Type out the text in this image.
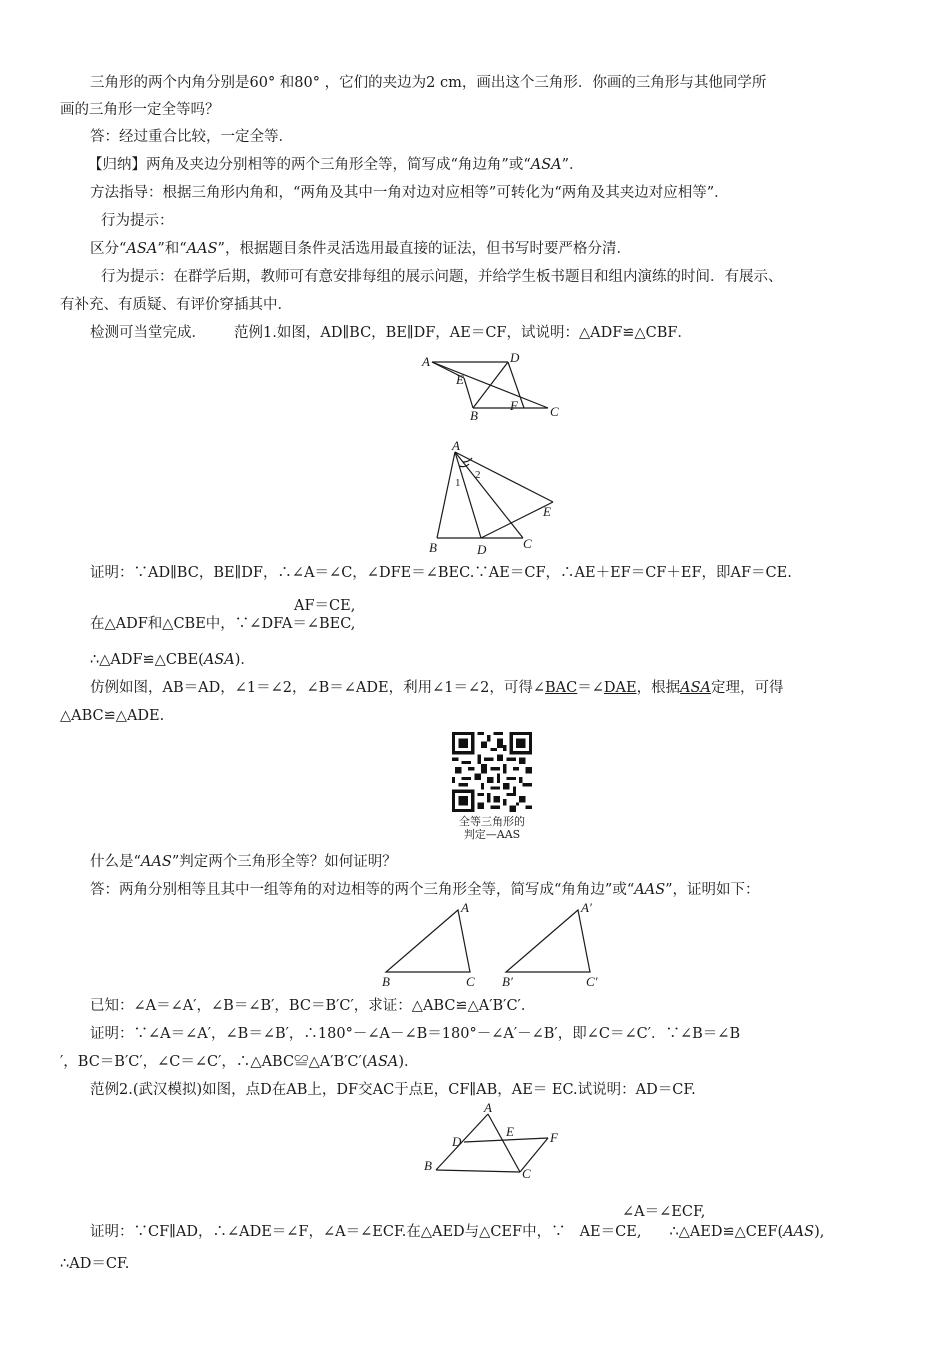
三角形的两个内角分别是60° 和80° ，它们的夹边为2 cm，画出这个三角形．你画的三角形与其他同学所
画的三角形一定全等吗？
答：经过重合比较，一定全等．
【归纳】两角及夹边分别相等的两个三角形全等，简写成“角边角”或“ASA”．
方法指导：根据三角形内角和，“两角及其中一角对边对应相等”可转化为“两角及其夹边对应相等”．
行为提示：
区分“ASA”和“AAS”，根据题目条件灵活选用最直接的证法，但书写时要严格分清．
行为提示：在群学后期，教师可有意安排每组的展示问题，并给学生板书题目和组内演练的时间．有展示、
有补充、有质疑、有评价穿插其中．
检测可当堂完成． 范例1.如图，AD∥BC，BE∥DF，AE＝CF，试说明：△ADF≌△CBF．
A	D
E
B
F C
A
1
2
E
B	D	C
证明：∵AD∥BC，BE∥DF，∴∠A＝∠C，∠DFE＝∠BEC.∵AE＝CF，∴AE＋EF＝CF＋EF，即AF＝CE.
AF＝CE,
在△ADF和△CBE中，∵∠DFA＝∠BEC,
∴△ADF≌△CBE(ASA)．
仿例如图，AB＝AD，∠1＝∠2，∠B＝∠ADE，利用∠1＝∠2，可得∠BAC＝∠DAE，根据ASA定理，可得
△ABC≌△ADE.
全等三角形的
判定—AAS
什么是“AAS”判定两个三角形全等？如何证明？
答：两角分别相等且其中一组等角的对边相等的两个三角形全等，简写成“角角边”或“AAS”，证明如下：
A
B	C
A′
B′	C′
已知：∠A＝∠A′，∠B＝∠B′，BC＝B′C′，求证：△ABC≌△A′B′C′．
证明：∵∠A＝∠A′，∠B＝∠B′，∴180°－∠A－∠B＝180°－∠A′－∠B′，即∠C＝∠C′．∵∠B＝∠B
′，BC＝B′C′，∠C＝∠C′，∴△ABC≌△A′B′C′(ASA)．
范例2.(武汉模拟)如图，点D在AB上，DF交AC于点E，CF∥AB，AE＝ EC.试说明：AD＝CF.
A
D
E	F
B
C
∠A＝∠ECF,
证明：∵CF∥AD，∴∠ADE＝∠F，∠A＝∠ECF.在△AED与△CEF中，∵ AE＝CE, ∴△AED≌△CEF(AAS),
∴AD＝CF.
